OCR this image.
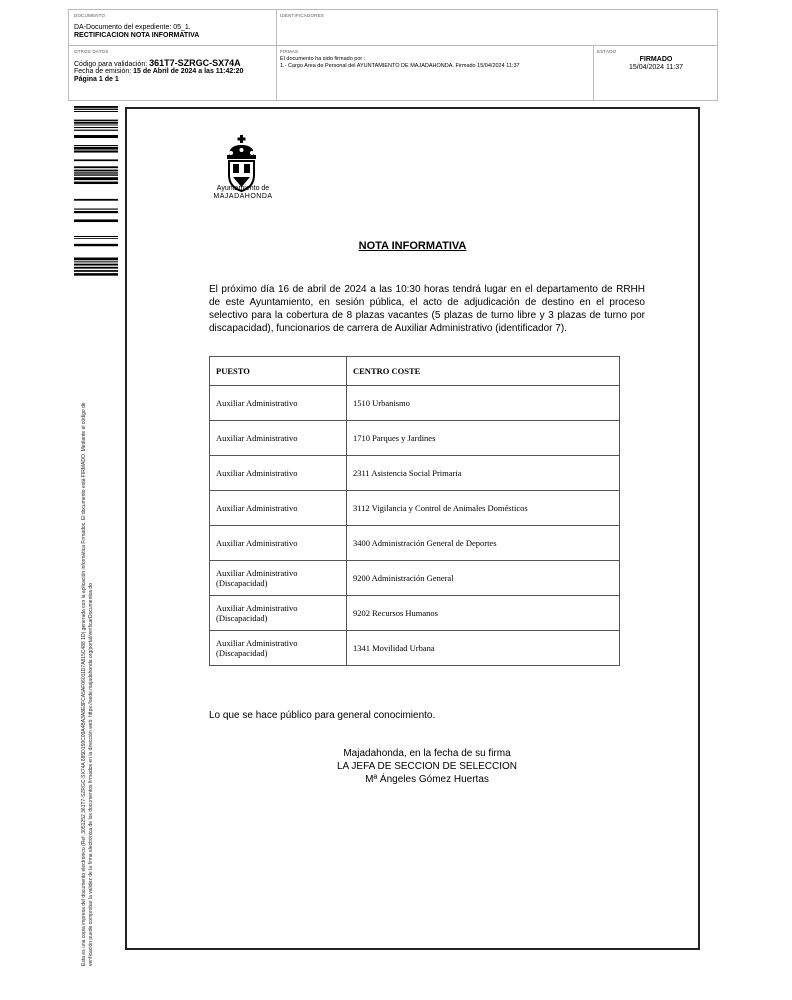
DOCUMENTO
DA-Documento del expediente: 05_1.
RECTIFICACION NOTA INFORMATIVA
IDENTIFICADORES
OTROS DATOS
Código para validación: 361T7-SZRGC-SX74A
Fecha de emisión: 15 de Abril de 2024 a las 11:42:20
Página 1 de 1
FIRMAS
El documento ha sido firmado por :
1.- Cargo Area de Personal del AYUNTAMIENTO DE MAJADAHONDA. Firmado 15/04/2024 11:37
ESTADO
FIRMADO
15/04/2024 11:37
Esta es una copia impresa del documento electrónico (Ref: 3051252 361T7-SZRGC-SX74A 685D159C09A4BA3A8E8FCA5AF06011D7A815C488 1D) generada con la aplicación informática Firmadoc. El documento está FIRMADO. Mediante el código de verificación puede comprobar la validez de la firma electrónica de los documentos firmados en la dirección web: https://sede.majadahonda.org/portal/verificarDocumentos.do
Ayuntamiento de
MAJADAHONDA
NOTA INFORMATIVA
El próximo día 16 de abril de 2024 a las 10:30 horas tendrá lugar en el departamento de RRHH de este Ayuntamiento, en sesión pública, el acto de adjudicación de destino en el proceso selectivo para la cobertura de 8 plazas vacantes (5 plazas de turno libre y 3 plazas de turno por discapacidad), funcionarios de carrera de Auxiliar Administrativo (identificador 7).
PUESTO	CENTRO COSTE

Auxiliar Administrativo	1510 Urbanismo

Auxiliar Administrativo	1710 Parques y Jardines

Auxiliar Administrativo	2311 Asistencia Social Primaria

Auxiliar Administrativo	3112 Vigilancia y Control de Animales Domésticos

Auxiliar Administrativo	3400 Administración General de Deportes

Auxiliar Administrativo
(Discapacidad)	9200 Administración General

Auxiliar Administrativo
(Discapacidad)	9202 Recursos Humanos

Auxiliar Administrativo
(Discapacidad)	1341 Movilidad Urbana
Lo que se hace público para general conocimiento.
Majadahonda, en la fecha de su firma
LA JEFA DE SECCION DE SELECCION
Mª Ángeles Gómez Huertas
